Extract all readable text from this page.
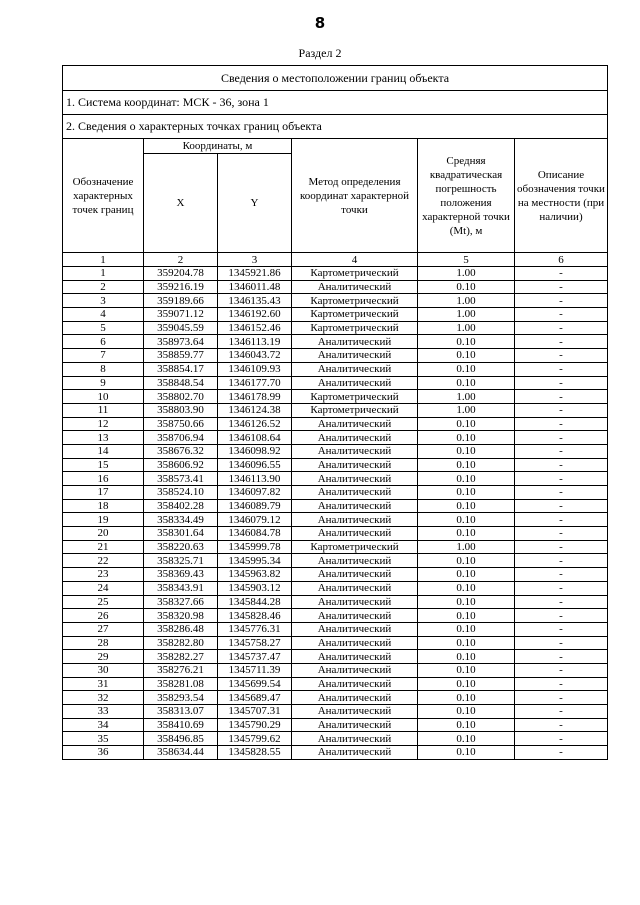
8
Раздел 2
Сведения о местоположении границ объекта					
1. Система координат: МСК - 36, зона 1					
2. Сведения о характерных точках границ объекта					
Обозначение характерных точек границ	Координаты, м		Метод определения координат характерной точки	Средняя квадратическая погрешность положения характерной точки (Mt), м	Описание обозначения точки на местности (при наличии)
	X	Y			
1	2	3	4	5	6
1	359204.78	1345921.86	Картометрический	1.00	-
2	359216.19	1346011.48	Аналитический	0.10	-
3	359189.66	1346135.43	Картометрический	1.00	-
4	359071.12	1346192.60	Картометрический	1.00	-
5	359045.59	1346152.46	Картометрический	1.00	-
6	358973.64	1346113.19	Аналитический	0.10	-
7	358859.77	1346043.72	Аналитический	0.10	-
8	358854.17	1346109.93	Аналитический	0.10	-
9	358848.54	1346177.70	Аналитический	0.10	-
10	358802.70	1346178.99	Картометрический	1.00	-
11	358803.90	1346124.38	Картометрический	1.00	-
12	358750.66	1346126.52	Аналитический	0.10	-
13	358706.94	1346108.64	Аналитический	0.10	-
14	358676.32	1346098.92	Аналитический	0.10	-
15	358606.92	1346096.55	Аналитический	0.10	-
16	358573.41	1346113.90	Аналитический	0.10	-
17	358524.10	1346097.82	Аналитический	0.10	-
18	358402.28	1346089.79	Аналитический	0.10	-
19	358334.49	1346079.12	Аналитический	0.10	-
20	358301.64	1346084.78	Аналитический	0.10	-
21	358220.63	1345999.78	Картометрический	1.00	-
22	358325.71	1345995.34	Аналитический	0.10	-
23	358369.43	1345963.82	Аналитический	0.10	-
24	358343.91	1345903.12	Аналитический	0.10	-
25	358327.66	1345844.28	Аналитический	0.10	-
26	358320.98	1345828.46	Аналитический	0.10	-
27	358286.48	1345776.31	Аналитический	0.10	-
28	358282.80	1345758.27	Аналитический	0.10	-
29	358282.27	1345737.47	Аналитический	0.10	-
30	358276.21	1345711.39	Аналитический	0.10	-
31	358281.08	1345699.54	Аналитический	0.10	-
32	358293.54	1345689.47	Аналитический	0.10	-
33	358313.07	1345707.31	Аналитический	0.10	-
34	358410.69	1345790.29	Аналитический	0.10	-
35	358496.85	1345799.62	Аналитический	0.10	-
36	358634.44	1345828.55	Аналитический	0.10	-
